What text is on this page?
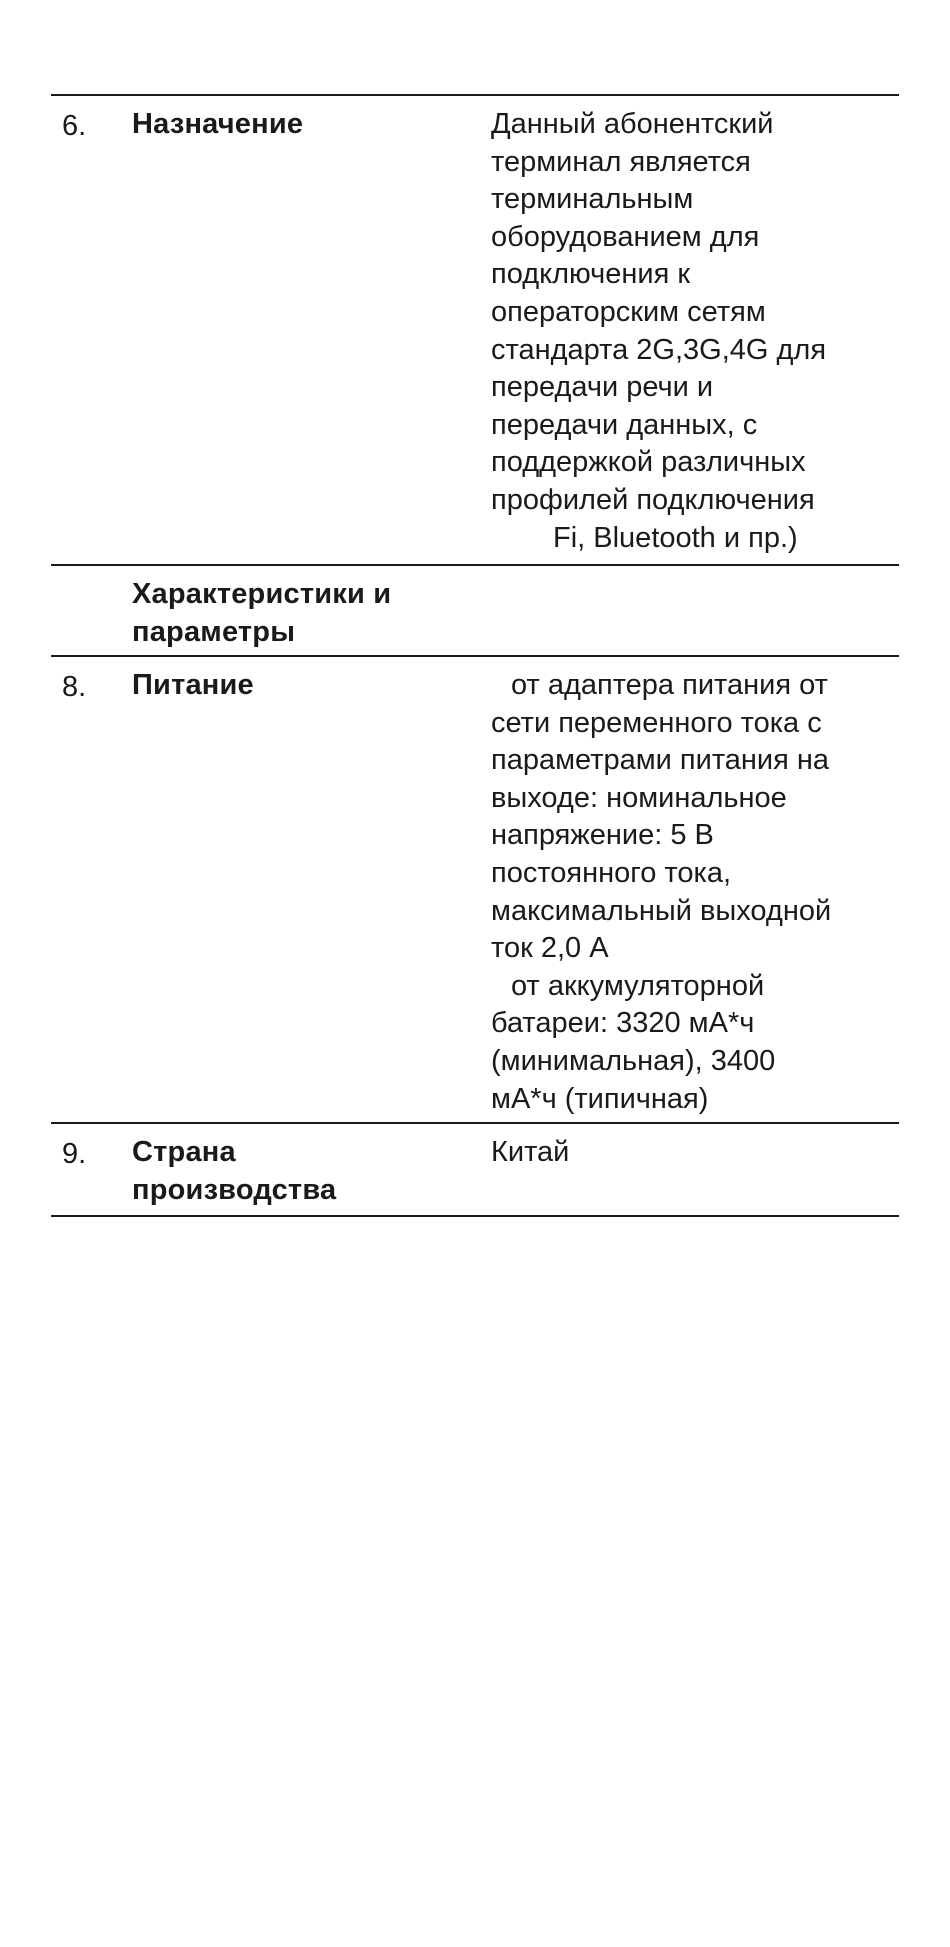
6. Назначение	Данный абонентский
терминал является
терминальным
оборудованием для
подключения к
операторским сетям
стандарта 2G,3G,4G для
передачи речи и
передачи данных, с
поддержкой различных
профилей подключения
Fi, Bluetooth и пр.)
Характеристики и
параметры
8. Питание	от адаптера питания от
сети переменного тока с
параметрами питания на
выходе: номинальное
напряжение: 5 В
постоянного тока,
максимальный выходной
ток 2,0 А
от аккумуляторной
батареи: 3320 мА*ч
(минимальная), 3400
мА*ч (типичная)
9. Страна
производства
Китай
